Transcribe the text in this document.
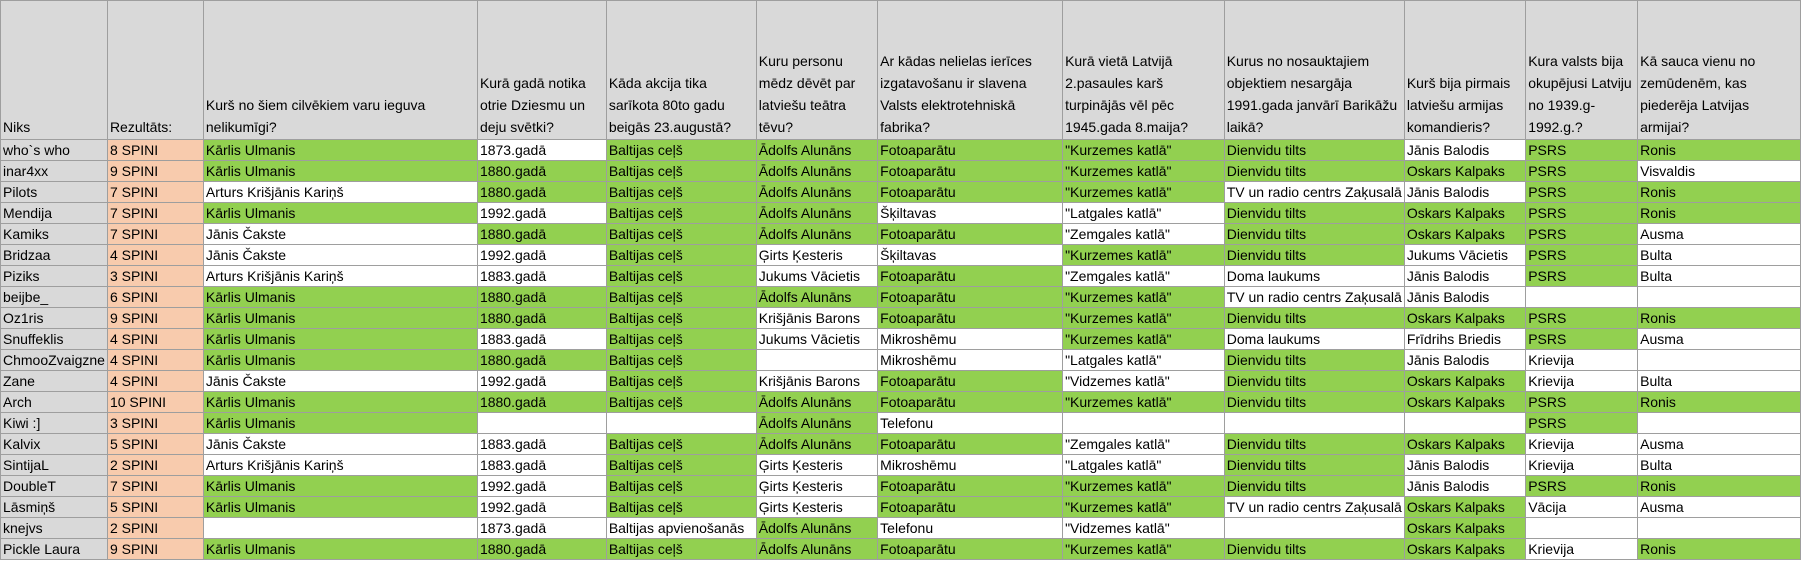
Niks	Rezultāts:	Kurš no šiem cilvēkiem varu ieguva nelikumīgi?	Kurā gadā notika otrie Dziesmu un deju svētki?	Kāda akcija tika sarīkota 80to gadu beigās 23.augustā?	Kuru personu mēdz dēvēt par latviešu teātra tēvu?	Ar kādas nelielas ierīces izgatavošanu ir slavena Valsts elektrotehniskā fabrika?	Kurā vietā Latvijā 2.pasaules karš turpinājās vēl pēc 1945.gada 8.maija?	Kurus no nosauktajiem objektiem nesargāja 1991.gada janvārī Barikāžu laikā?	Kurš bija pirmais latviešu armijas komandieris?	Kura valsts bija okupējusi Latviju no 1939.g-1992.g.?	Kā sauca vienu no zemūdenēm, kas piederēja Latvijas armijai?
who`s who	8 SPINI	Kārlis Ulmanis	1873.gadā	Baltijas ceļš	Ādolfs Alunāns	Fotoaparātu	"Kurzemes katlā"	Dienvidu tilts	Jānis Balodis	PSRS	Ronis
inar4xx	9 SPINI	Kārlis Ulmanis	1880.gadā	Baltijas ceļš	Ādolfs Alunāns	Fotoaparātu	"Kurzemes katlā"	Dienvidu tilts	Oskars Kalpaks	PSRS	Visvaldis
Pilots	7 SPINI	Arturs Krišjānis Kariņš	1880.gadā	Baltijas ceļš	Ādolfs Alunāns	Fotoaparātu	"Kurzemes katlā"	TV un radio centrs Zaķusalā	Jānis Balodis	PSRS	Ronis
Mendija	7 SPINI	Kārlis Ulmanis	1992.gadā	Baltijas ceļš	Ādolfs Alunāns	Šķiltavas	"Latgales katlā"	Dienvidu tilts	Oskars Kalpaks	PSRS	Ronis
Kamiks	7 SPINI	Jānis Čakste	1880.gadā	Baltijas ceļš	Ādolfs Alunāns	Fotoaparātu	"Zemgales katlā"	Dienvidu tilts	Oskars Kalpaks	PSRS	Ausma
Bridzaa	4 SPINI	Jānis Čakste	1992.gadā	Baltijas ceļš	Ģirts Ķesteris	Šķiltavas	"Kurzemes katlā"	Dienvidu tilts	Jukums Vācietis	PSRS	Bulta
Piziks	3 SPINI	Arturs Krišjānis Kariņš	1883.gadā	Baltijas ceļš	Jukums Vācietis	Fotoaparātu	"Zemgales katlā"	Doma laukums	Jānis Balodis	PSRS	Bulta
beijbe_	6 SPINI	Kārlis Ulmanis	1880.gadā	Baltijas ceļš	Ādolfs Alunāns	Fotoaparātu	"Kurzemes katlā"	TV un radio centrs Zaķusalā	Jānis Balodis		
Oz1ris	9 SPINI	Kārlis Ulmanis	1880.gadā	Baltijas ceļš	Krišjānis Barons	Fotoaparātu	"Kurzemes katlā"	Dienvidu tilts	Oskars Kalpaks	PSRS	Ronis
Snuffeklis	4 SPINI	Kārlis Ulmanis	1883.gadā	Baltijas ceļš	Jukums Vācietis	Mikroshēmu	"Kurzemes katlā"	Doma laukums	Frīdrihs Briedis	PSRS	Ausma
ChmooZvaigzne	4 SPINI	Kārlis Ulmanis	1880.gadā	Baltijas ceļš		Mikroshēmu	"Latgales katlā"	Dienvidu tilts	Jānis Balodis	Krievija	
Zane	4 SPINI	Jānis Čakste	1992.gadā	Baltijas ceļš	Krišjānis Barons	Fotoaparātu	"Vidzemes katlā"	Dienvidu tilts	Oskars Kalpaks	Krievija	Bulta
Arch	10 SPINI	Kārlis Ulmanis	1880.gadā	Baltijas ceļš	Ādolfs Alunāns	Fotoaparātu	"Kurzemes katlā"	Dienvidu tilts	Oskars Kalpaks	PSRS	Ronis
Kiwi :]	3 SPINI	Kārlis Ulmanis			Ādolfs Alunāns	Telefonu				PSRS	
Kalvix	5 SPINI	Jānis Čakste	1883.gadā	Baltijas ceļš	Ādolfs Alunāns	Fotoaparātu	"Zemgales katlā"	Dienvidu tilts	Oskars Kalpaks	Krievija	Ausma
SintijaL	2 SPINI	Arturs Krišjānis Kariņš	1883.gadā	Baltijas ceļš	Ģirts Ķesteris	Mikroshēmu	"Latgales katlā"	Dienvidu tilts	Jānis Balodis	Krievija	Bulta
DoubleT	7 SPINI	Kārlis Ulmanis	1992.gadā	Baltijas ceļš	Ģirts Ķesteris	Fotoaparātu	"Kurzemes katlā"	Dienvidu tilts	Jānis Balodis	PSRS	Ronis
Lāsmiņš	5 SPINI	Kārlis Ulmanis	1992.gadā	Baltijas ceļš	Ģirts Ķesteris	Fotoaparātu	"Kurzemes katlā"	TV un radio centrs Zaķusalā	Oskars Kalpaks	Vācija	Ausma
knejvs	2 SPINI		1873.gadā	Baltijas apvienošanās	Ādolfs Alunāns	Telefonu	"Vidzemes katlā"		Oskars Kalpaks		
Pickle Laura	9 SPINI	Kārlis Ulmanis	1880.gadā	Baltijas ceļš	Ādolfs Alunāns	Fotoaparātu	"Kurzemes katlā"	Dienvidu tilts	Oskars Kalpaks	Krievija	Ronis
